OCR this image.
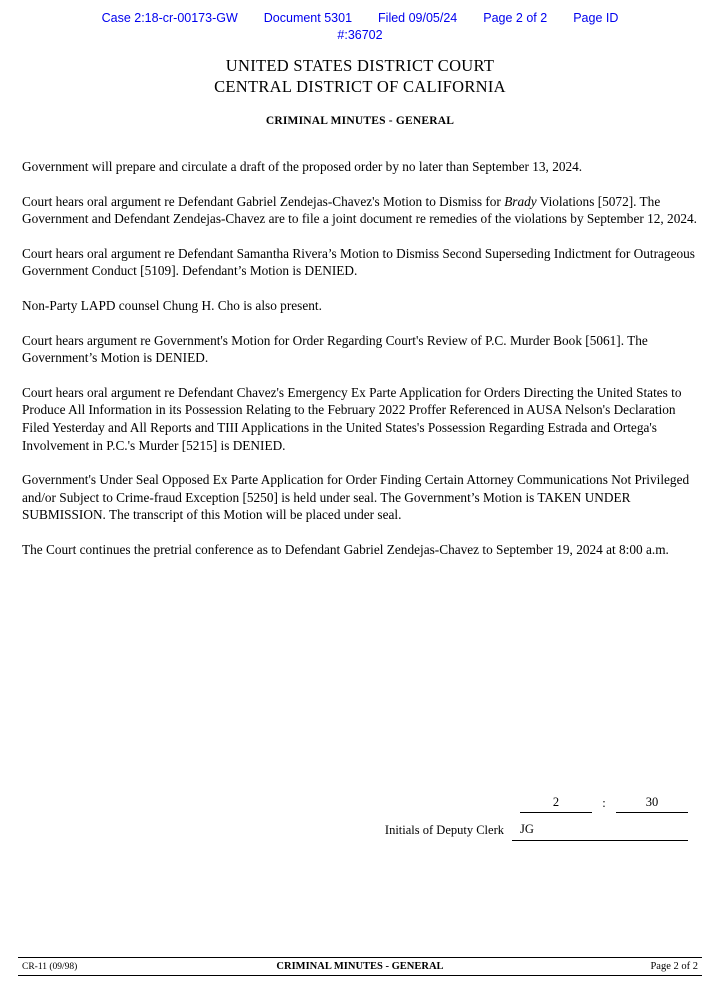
Case 2:18-cr-00173-GW Document 5301 Filed 09/05/24 Page 2 of 2 Page ID
#:36702
UNITED STATES DISTRICT COURT
CENTRAL DISTRICT OF CALIFORNIA
CRIMINAL MINUTES - GENERAL

Government will prepare and circulate a draft of the proposed order by no later than September 13, 2024.

Court hears oral argument re Defendant Gabriel Zendejas-Chavez's Motion to Dismiss for Brady Violations [5072]. The Government and Defendant Zendejas-Chavez are to file a joint document re remedies of the violations by September 12, 2024.

Court hears oral argument re Defendant Samantha Rivera’s Motion to Dismiss Second Superseding Indictment for Outrageous Government Conduct [5109]. Defendant’s Motion is DENIED.

Non-Party LAPD counsel Chung H. Cho is also present.

Court hears argument re Government's Motion for Order Regarding Court's Review of P.C. Murder Book [5061]. The Government’s Motion is DENIED.

Court hears oral argument re Defendant Chavez's Emergency Ex Parte Application for Orders Directing the United States to Produce All Information in its Possession Relating to the February 2022 Proffer Referenced in AUSA Nelson's Declaration Filed Yesterday and All Reports and TIII Applications in the United States's Possession Regarding Estrada and Ortega's Involvement in P.C.'s Murder [5215] is DENIED.

Government's Under Seal Opposed Ex Parte Application for Order Finding Certain Attorney Communications Not Privileged and/or Subject to Crime-fraud Exception [5250] is held under seal. The Government’s Motion is TAKEN UNDER SUBMISSION. The transcript of this Motion will be placed under seal.

The Court continues the pretrial conference as to Defendant Gabriel Zendejas-Chavez to September 19, 2024 at 8:00 a.m.

2	:	30
Initials of Deputy Clerk	JG
CR-11 (09/98)	CRIMINAL MINUTES - GENERAL	Page 2 of 2
